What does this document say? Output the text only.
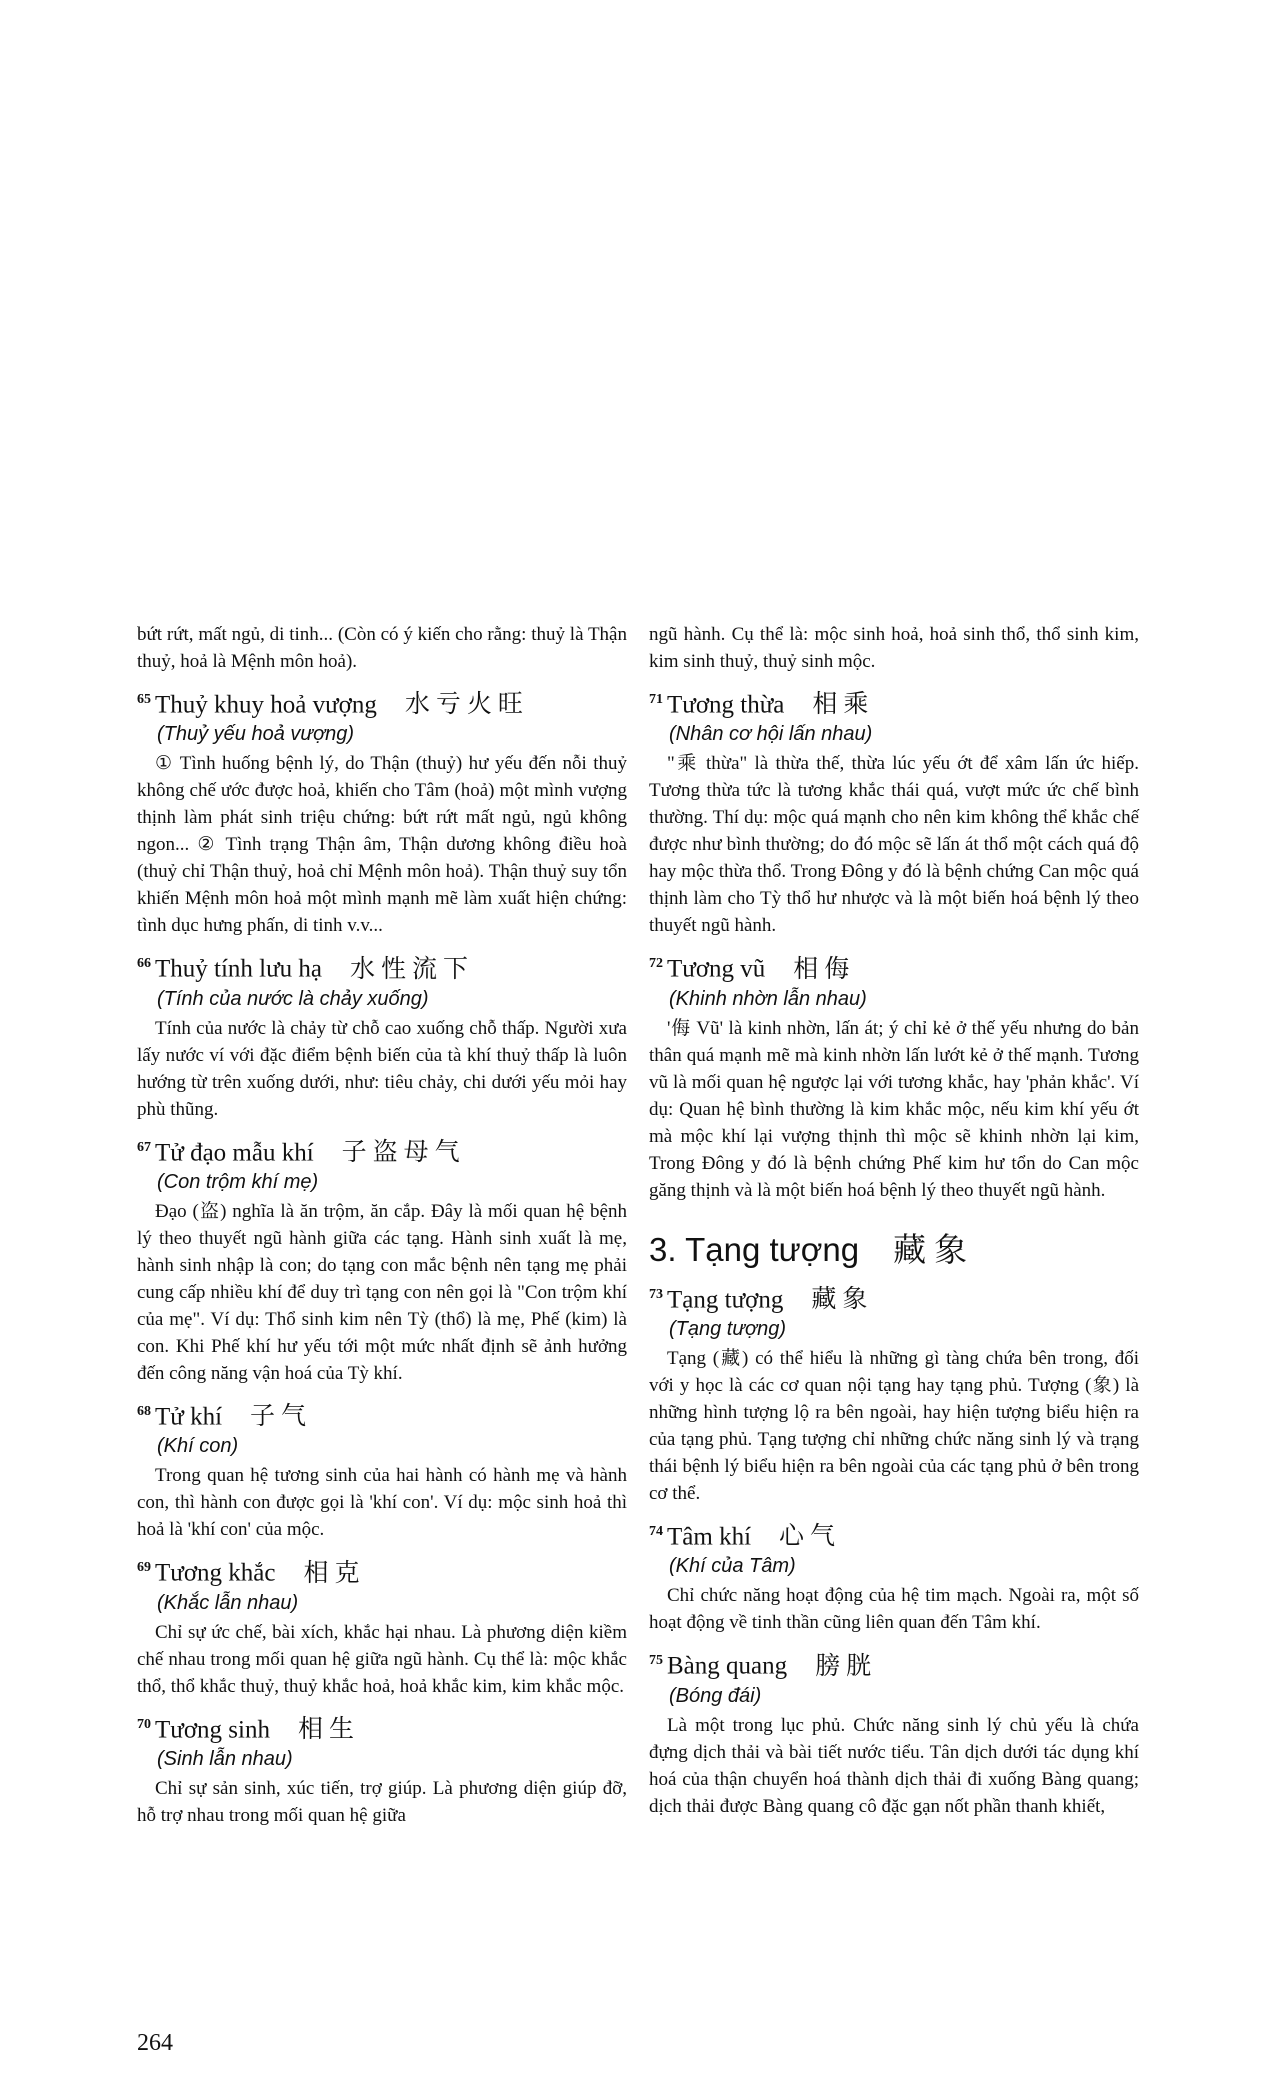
bứt rứt, mất ngủ, di tinh... (Còn có ý kiến cho rằng: thuỷ là Thận thuỷ, hoả là Mệnh môn hoả).

$^{65}$ Thuỷ khuy hoả vượng 水亏火旺

(Thuỷ yếu hoả vượng)

① Tình huống bệnh lý, do Thận (thuỷ) hư yếu đến nỗi thuỷ không chế ước được hoả, khiến cho Tâm (hoả) một mình vượng thịnh làm phát sinh triệu chứng: bứt rứt mất ngủ, ngủ không ngon... ② Tình trạng Thận âm, Thận dương không điều hoà (thuỷ chỉ Thận thuỷ, hoả chỉ Mệnh môn hoả). Thận thuỷ suy tổn khiến Mệnh môn hoả một mình mạnh mẽ làm xuất hiện chứng: tình dục hưng phấn, di tinh v.v...

$^{66}$ Thuỷ tính lưu hạ 水性流下

(Tính của nước là chảy xuống)

Tính của nước là chảy từ chỗ cao xuống chỗ thấp. Người xưa lấy nước ví với đặc điểm bệnh biến của tà khí thuỷ thấp là luôn hướng từ trên xuống dưới, như: tiêu chảy, chi dưới yếu mỏi hay phù thũng.

$^{67}$ Tử đạo mẫu khí 子盗母气

(Con trộm khí mẹ)

Đạo (盗) nghĩa là ăn trộm, ăn cắp. Đây là mối quan hệ bệnh lý theo thuyết ngũ hành giữa các tạng. Hành sinh xuất là mẹ, hành sinh nhập là con; do tạng con mắc bệnh nên tạng mẹ phải cung cấp nhiều khí để duy trì tạng con nên gọi là "Con trộm khí của mẹ". Ví dụ: Thổ sinh kim nên Tỳ (thổ) là mẹ, Phế (kim) là con. Khi Phế khí hư yếu tới một mức nhất định sẽ ảnh hưởng đến công năng vận hoá của Tỳ khí.

$^{68}$ Tử khí 子气

(Khí con)

Trong quan hệ tương sinh của hai hành có hành mẹ và hành con, thì hành con được gọi là 'khí con'. Ví dụ: mộc sinh hoả thì hoả là 'khí con' của mộc.

$^{69}$ Tương khắc 相克

(Khắc lẫn nhau)

Chỉ sự ức chế, bài xích, khắc hại nhau. Là phương diện kiềm chế nhau trong mối quan hệ giữa ngũ hành. Cụ thể là: mộc khắc thổ, thổ khắc thuỷ, thuỷ khắc hoả, hoả khắc kim, kim khắc mộc.

$^{70}$ Tương sinh 相生

(Sinh lẫn nhau)

Chỉ sự sản sinh, xúc tiến, trợ giúp. Là phương diện giúp đỡ, hỗ trợ nhau trong mối quan hệ giữa

ngũ hành. Cụ thể là: mộc sinh hoả, hoả sinh thổ, thổ sinh kim, kim sinh thuỷ, thuỷ sinh mộc.

$^{71}$ Tương thừa 相乘

(Nhân cơ hội lấn nhau)

"乘 thừa" là thừa thế, thừa lúc yếu ớt để xâm lấn ức hiếp. Tương thừa tức là tương khắc thái quá, vượt mức ức chế bình thường. Thí dụ: mộc quá mạnh cho nên kim không thể khắc chế được như bình thường; do đó mộc sẽ lấn át thổ một cách quá độ hay mộc thừa thổ. Trong Đông y đó là bệnh chứng Can mộc quá thịnh làm cho Tỳ thổ hư nhược và là một biến hoá bệnh lý theo thuyết ngũ hành.

$^{72}$ Tương vũ 相侮

(Khinh nhờn lẫn nhau)

'侮 Vũ' là kinh nhờn, lấn át; ý chỉ kẻ ở thế yếu nhưng do bản thân quá mạnh mẽ mà kinh nhờn lấn lướt kẻ ở thế mạnh. Tương vũ là mối quan hệ ngược lại với tương khắc, hay 'phản khắc'. Ví dụ: Quan hệ bình thường là kim khắc mộc, nếu kim khí yếu ớt mà mộc khí lại vượng thịnh thì mộc sẽ khinh nhờn lại kim, Trong Đông y đó là bệnh chứng Phế kim hư tổn do Can mộc găng thịnh và là một biến hoá bệnh lý theo thuyết ngũ hành.

3. Tạng tượng 藏象

$^{73}$ Tạng tượng 藏象

(Tạng tượng)

Tạng (藏) có thể hiểu là những gì tàng chứa bên trong, đối với y học là các cơ quan nội tạng hay tạng phủ. Tượng (象) là những hình tượng lộ ra bên ngoài, hay hiện tượng biểu hiện ra của tạng phủ. Tạng tượng chỉ những chức năng sinh lý và trạng thái bệnh lý biểu hiện ra bên ngoài của các tạng phủ ở bên trong cơ thể.

$^{74}$ Tâm khí 心气

(Khí của Tâm)

Chỉ chức năng hoạt động của hệ tim mạch. Ngoài ra, một số hoạt động về tinh thần cũng liên quan đến Tâm khí.

$^{75}$ Bàng quang 膀胱

(Bóng đái)

Là một trong lục phủ. Chức năng sinh lý chủ yếu là chứa đựng dịch thải và bài tiết nước tiểu. Tân dịch dưới tác dụng khí hoá của thận chuyển hoá thành dịch thải đi xuống Bàng quang; dịch thải được Bàng quang cô đặc gạn nốt phần thanh khiết,

264
